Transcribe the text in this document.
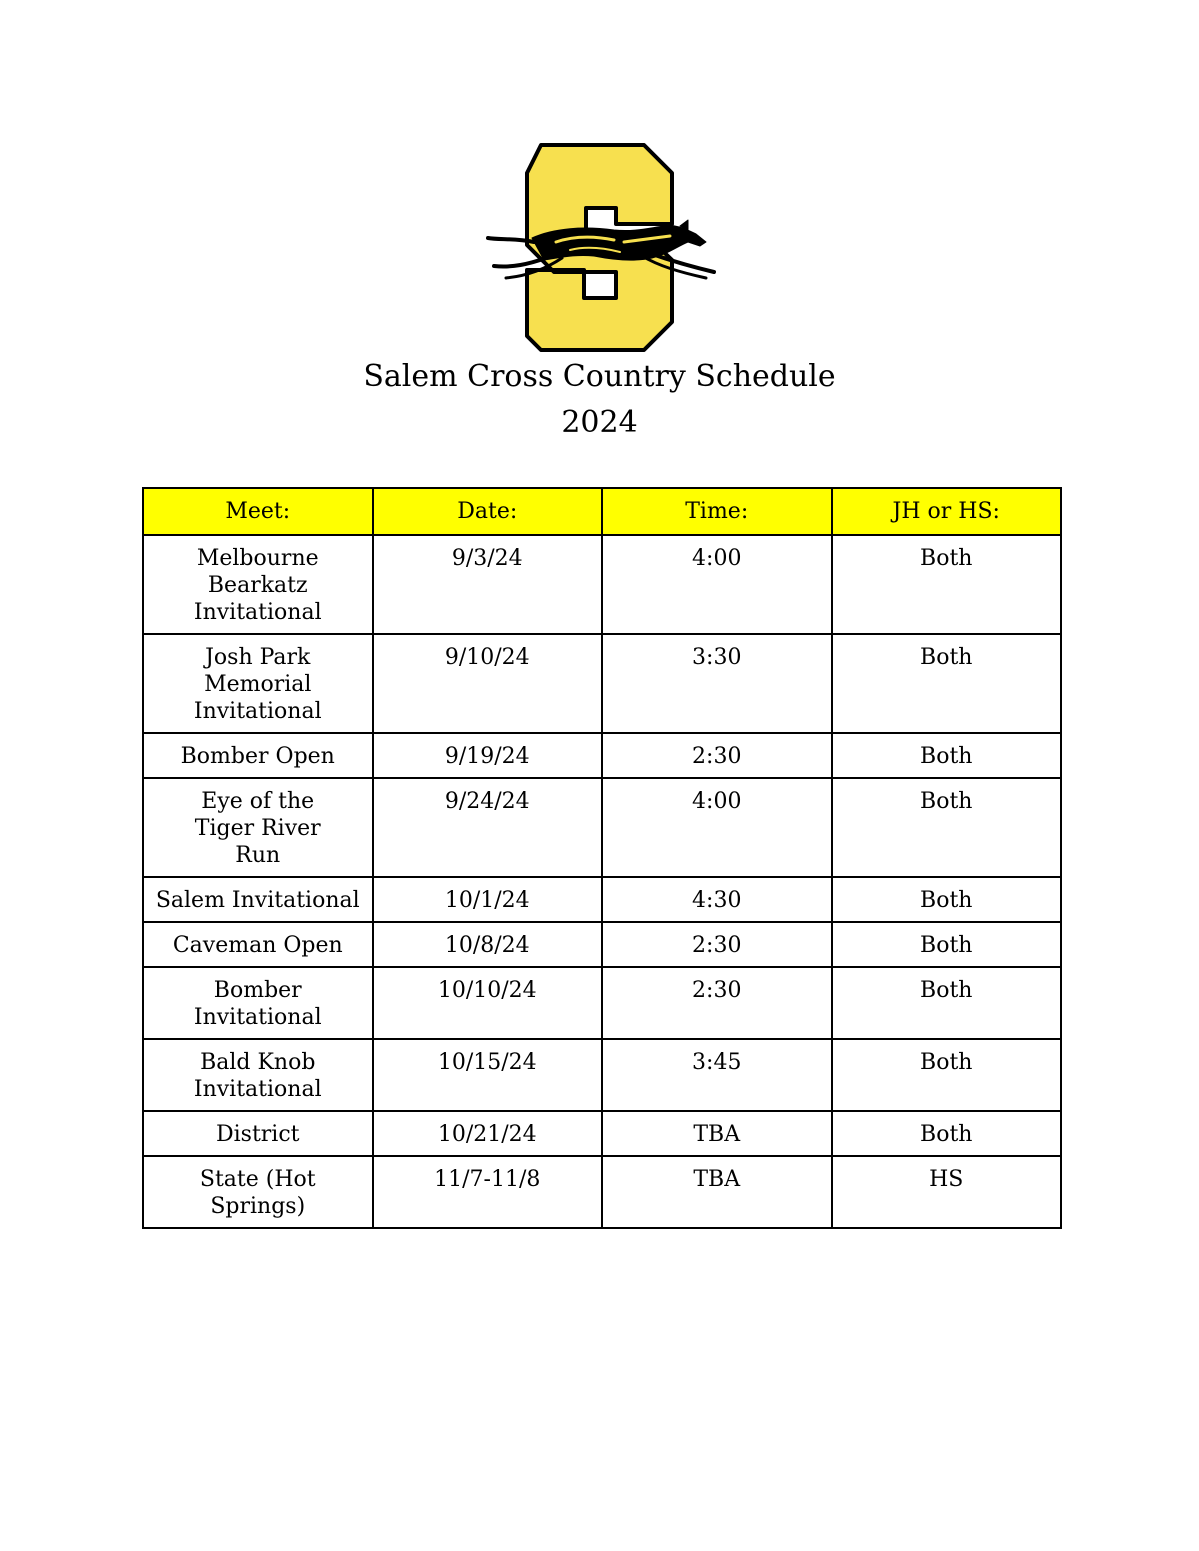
Salem Cross Country Schedule
2024
Meet:	Date:	Time:	JH or HS:
Melbourne Bearkatz Invitational	9/3/24	4:00	Both
Josh Park Memorial Invitational	9/10/24	3:30	Both
Bomber Open	9/19/24	2:30	Both
Eye of the Tiger River Run	9/24/24	4:00	Both
Salem Invitational	10/1/24	4:30	Both
Caveman Open	10/8/24	2:30	Both
Bomber Invitational	10/10/24	2:30	Both
Bald Knob Invitational	10/15/24	3:45	Both
District	10/21/24	TBA	Both
State (Hot Springs)	11/7-11/8	TBA	HS
